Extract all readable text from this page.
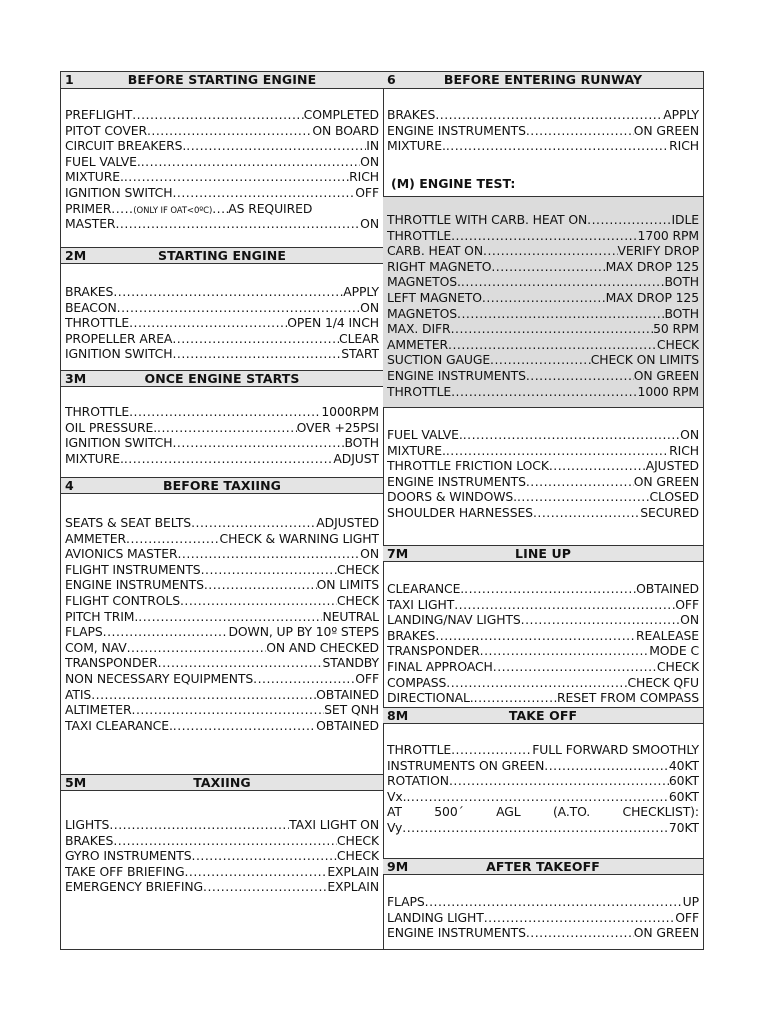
1	BEFORE STARTING ENGINE
PREFLIGHT .....	COMPLETED
PITOT COVER .....	ON BOARD
CIRCUIT BREAKERS. .....	IN
FUEL VALVE. .....	ON
MIXTURE. .....	RICH
IGNITION SWITCH .....	OFF
PRIMER .....	(ONLY IF OAT<0ºC) ..... AS REQUIRED
MASTER .....	ON
2M	STARTING ENGINE
BRAKES .....	APPLY
BEACON .....	ON
THROTTLE .....	OPEN 1/4 INCH
PROPELLER AREA .....	CLEAR
IGNITION SWITCH .....	START
3M	ONCE ENGINE STARTS
THROTTLE .....	1000RPM
OIL PRESSURE. .....	OVER +25PSI
IGNITION SWITCH .....	BOTH
MIXTURE. .....	ADJUST
4	BEFORE TAXIING
SEATS & SEAT BELTS .....	ADJUSTED
AMMETER .....	CHECK & WARNING LIGHT
AVIONICS MASTER .....	ON
FLIGHT INSTRUMENTS .....	CHECK
ENGINE INSTRUMENTS .....	ON LIMITS
FLIGHT CONTROLS .....	CHECK
PITCH TRIM. .....	NEUTRAL
FLAPS .....	DOWN, UP BY 10º STEPS
COM, NAV .....	ON AND CHECKED
TRANSPONDER .....	STANDBY
NON NECESSARY EQUIPMENTS .....	OFF
ATIS .....	OBTAINED
ALTIMETER .....	SET QNH
TAXI CLEARANCE. .....	OBTAINED
5M	TAXIING
LIGHTS .....	TAXI LIGHT ON
BRAKES .....	CHECK
GYRO INSTRUMENTS .....	CHECK
TAKE OFF BRIEFING .....	EXPLAIN
EMERGENCY BRIEFING .....	EXPLAIN
6	BEFORE ENTERING RUNWAY
BRAKES .....	APPLY
ENGINE INSTRUMENTS .....	ON GREEN
MIXTURE. .....	RICH
(M) ENGINE TEST:
THROTTLE WITH CARB. HEAT ON .....	IDLE
THROTTLE .....	1700 RPM
CARB. HEAT ON .....	VERIFY DROP
RIGHT MAGNETO .....	MAX DROP 125
MAGNETOS. .....	BOTH
LEFT MAGNETO .....	MAX DROP 125
MAGNETOS .....	BOTH
MAX. DIFR .....	50 RPM
AMMETER .....	CHECK
SUCTION GAUGE .....	CHECK ON LIMITS
ENGINE INSTRUMENTS .....	ON GREEN
THROTTLE .....	1000 RPM
FUEL VALVE. .....	ON
MIXTURE. .....	RICH
THROTTLE FRICTION LOCK .....	AJUSTED
ENGINE INSTRUMENTS .....	ON GREEN
DOORS & WINDOWS. .....	CLOSED
SHOULDER HARNESSES .....	SECURED
7M	LINE UP
CLEARANCE. .....	OBTAINED
TAXI LIGHT .....	OFF
LANDING/NAV LIGHTS .....	ON
BRAKES .....	REALEASE
TRANSPONDER .....	MODE C
FINAL APPROACH .....	CHECK
COMPASS .....	CHECK QFU
DIRECTIONAL. .....	RESET FROM COMPASS
8M	TAKE OFF
THROTTLE .....	FULL FORWARD SMOOTHLY
INSTRUMENTS ON GREEN .....	40KT
ROTATION .....	60KT
Vx. .....	60KT
AT	500´	AGL	(A.TO.	CHECKLIST):
Vy .....	70KT
9M	AFTER TAKEOFF
FLAPS .....	UP
LANDING LIGHT .....	OFF
ENGINE INSTRUMENTS .....	ON GREEN
